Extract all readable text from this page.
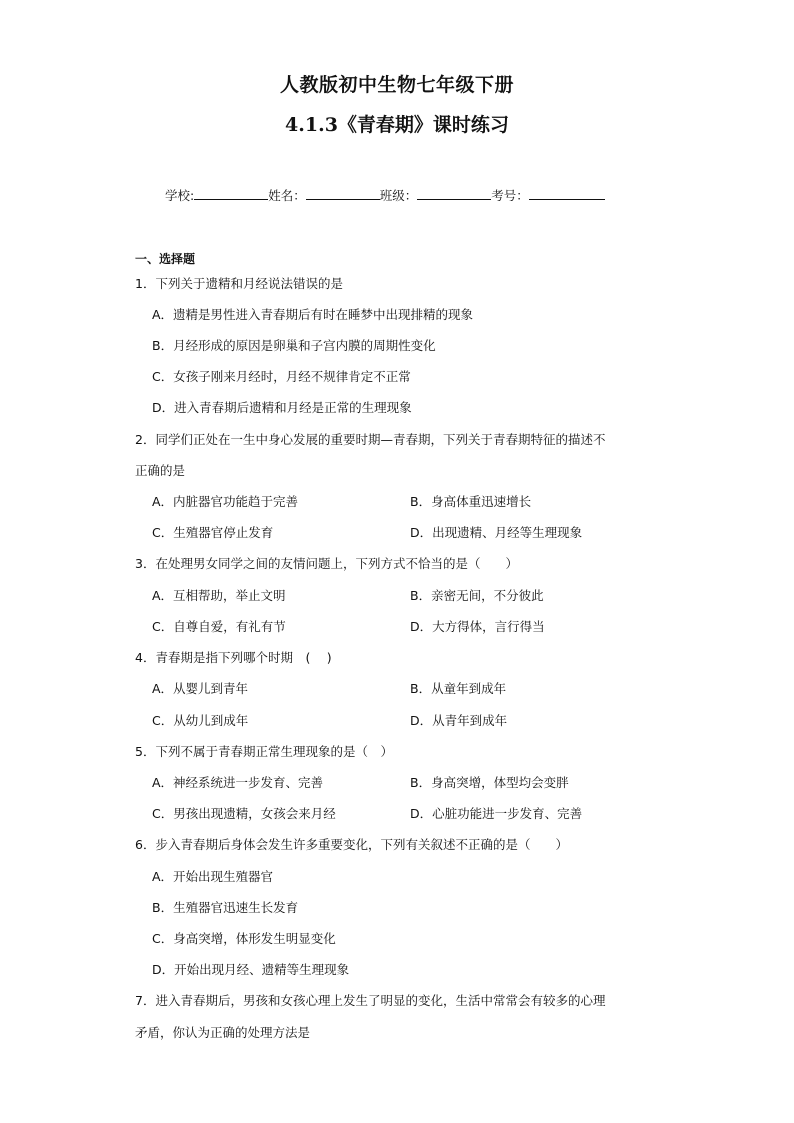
人教版初中生物七年级下册
4.1.3《青春期》课时练习
学校:	姓名：	班级：	考号：
一、选择题
1．下列关于遗精和月经说法错误的是
A．遗精是男性进入青春期后有时在睡梦中出现排精的现象
B．月经形成的原因是卵巢和子宫内膜的周期性变化
C．女孩子刚来月经时，月经不规律肯定不正常
D．进入青春期后遗精和月经是正常的生理现象
2．同学们正处在一生中身心发展的重要时期—青春期，下列关于青春期特征的描述不
正确的是
A．内脏器官功能趋于完善	B．身高体重迅速增长
C．生殖器官停止发育	D．出现遗精、月经等生理现象
3．在处理男女同学之间的友情问题上，下列方式不恰当的是（　　）
A．互相帮助，举止文明	B．亲密无间，不分彼此
C．自尊自爱，有礼有节	D．大方得体，言行得当
4．青春期是指下列哪个时期　(　 )
A．从婴儿到青年	B．从童年到成年
C．从幼儿到成年	D．从青年到成年
5．下列不属于青春期正常生理现象的是（　）
A．神经系统进一步发育、完善	B．身高突增，体型均会变胖
C．男孩出现遗精，女孩会来月经	D．心脏功能进一步发育、完善
6．步入青春期后身体会发生许多重要变化，下列有关叙述不正确的是（　　）
A．开始出现生殖器官
B．生殖器官迅速生长发育
C．身高突增，体形发生明显变化
D．开始出现月经、遗精等生理现象
7．进入青春期后，男孩和女孩心理上发生了明显的变化，生活中常常会有较多的心理
矛盾，你认为正确的处理方法是
